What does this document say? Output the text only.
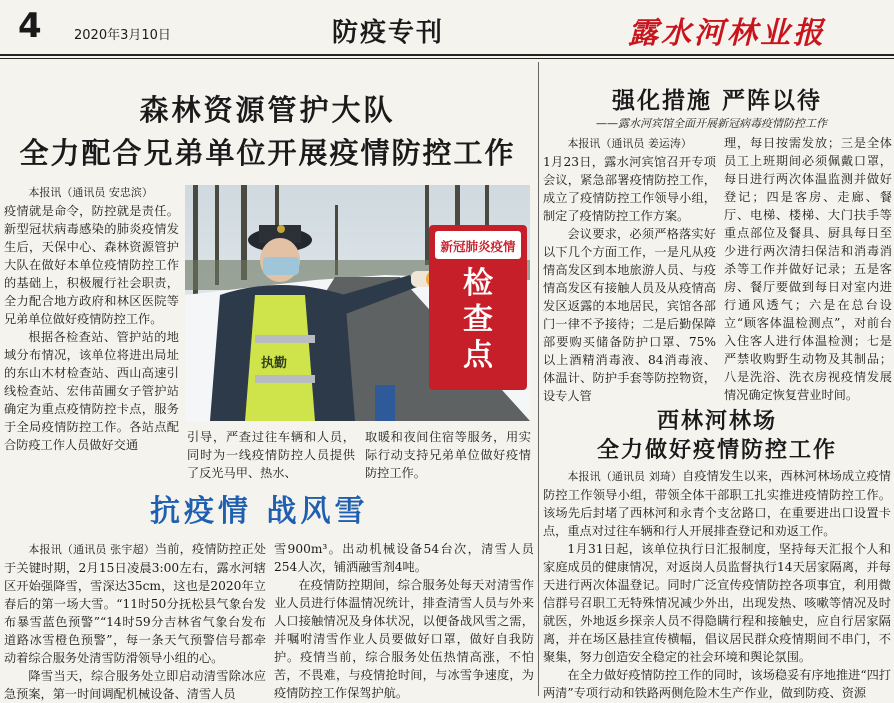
4 2020年3月10日	防疫专刊	露水河林业报
森林资源管护大队
全力配合兄弟单位开展疫情防控工作

本报讯（通讯员 安忠滨）

疫情就是命令，防控就是责任。新型冠状病毒感染的肺炎疫情发生后，天保中心、森林资源管护大队在做好本单位疫情防控工作的基础上，积极履行社会职责，全力配合地方政府和林区医院等兄弟单位做好疫情防控工作。

根据各检查站、管护站的地域分布情况，该单位将进出局址的东山木材检查站、西山高速引线检查站、宏伟苗圃女子管护站确定为重点疫情防控卡点，服务于全局疫情防控工作。各站点配合防疫工作人员做好交通

执勤
新冠肺炎疫情
检
查
点

引导，严查过往车辆和人员，同时为一线疫情防控人员提供了反光马甲、热水、

取暖和夜间住宿等服务，用实际行动支持兄弟单位做好疫情防控工作。

抗疫情 战风雪

本报讯（通讯员 张宇超）当前，疫情防控正处于关键时期，2月15日凌晨3:00左右，露水河辖区开始强降雪，雪深达35cm，这也是2020年立春后的第一场大雪。“11时50分抚松县气象台发布暴雪蓝色预警”“14时59分吉林省气象台发布道路冰雪橙色预警”，每一条天气预警信号都牵动着综合服务处清雪防滑领导小组的心。

降雪当天，综合服务处立即启动清雪除冰应急预案，第一时间调配机械设备、清雪人员

雪900m³。出动机械设备54台次，清雪人员254人次，铺洒融雪剂4吨。

在疫情防控期间，综合服务处每天对清雪作业人员进行体温情况统计，排查清雪人员与外来人口接触情况及身体状况，以便备战风雪之需，并嘱咐清雪作业人员要做好口罩，做好自我防护。疫情当前，综合服务处伍热情高涨，不怕苦，不畏难，与疫情抢时间，与冰雪争速度，为疫情防控工作保驾护航。

强化措施 严阵以待
——露水河宾馆全面开展新冠病毒疫情防控工作

本报讯（通讯员 姜运涛）

1月23日，露水河宾馆召开专项会议，紧急部署疫情防控工作，成立了疫情防控工作领导小组，制定了疫情防控工作方案。

会议要求，必须严格落实好以下几个方面工作，一是凡从疫情高发区到本地旅游人员、与疫情高发区有接触人员及从疫情高发区返露的本地居民，宾馆各部门一律不予接待；二是后勤保障部要购买储备防护口罩、75%以上酒精消毒液、84消毒液、体温计、防护手套等防控物资，设专人管

理，每日按需发放；三是全体员工上班期间必须佩戴口罩，每日进行两次体温监测并做好登记；四是客房、走廊、餐厅、电梯、楼梯、大门扶手等重点部位及餐具、厨具每日至少进行两次清扫保洁和消毒消杀等工作并做好记录；五是客房、餐厅要做到每日对室内进行通风透气；六是在总台设立“顾客体温检测点”，对前台入住客人进行体温检测；七是严禁收购野生动物及其制品；八是洗浴、洗衣房视疫情发展情况确定恢复营业时间。

西林河林场
全力做好疫情防控工作

本报讯（通讯员 刘琦）自疫情发生以来，西林河林场成立疫情防控工作领导小组，带领全体干部职工扎实推进疫情防控工作。该场先后封堵了西林河和永青个支岔路口，在重要进出口设置卡点，重点对过往车辆和行人开展排查登记和劝返工作。

1月31日起，该单位执行日汇报制度，坚持每天汇报个人和家庭成员的健康情况，对返岗人员监督执行14天居家隔离，并每天进行两次体温登记。同时广泛宣传疫情防控各项事宜，利用微信群号召职工无特殊情况减少外出，出现发热、咳嗽等情况及时就医，外地返乡探亲人员不得隐瞒行程和接触史，应自行居家隔离，并在场区悬挂宣传横幅，倡议居民群众疫情期间不串门，不聚集，努力创造安全稳定的社会环境和舆论氛围。

在全力做好疫情防控工作的同时，该场稳妥有序地推进“四打两清”专项行动和铁路两侧危险木生产作业，做到防疫、资源
